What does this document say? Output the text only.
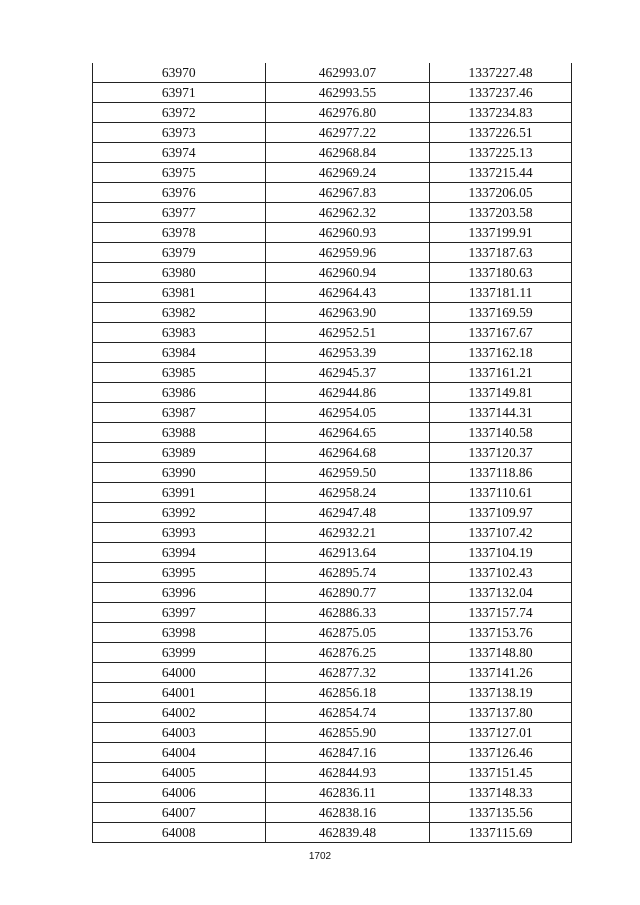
63970	462993.07	1337227.48
63971	462993.55	1337237.46
63972	462976.80	1337234.83
63973	462977.22	1337226.51
63974	462968.84	1337225.13
63975	462969.24	1337215.44
63976	462967.83	1337206.05
63977	462962.32	1337203.58
63978	462960.93	1337199.91
63979	462959.96	1337187.63
63980	462960.94	1337180.63
63981	462964.43	1337181.11
63982	462963.90	1337169.59
63983	462952.51	1337167.67
63984	462953.39	1337162.18
63985	462945.37	1337161.21
63986	462944.86	1337149.81
63987	462954.05	1337144.31
63988	462964.65	1337140.58
63989	462964.68	1337120.37
63990	462959.50	1337118.86
63991	462958.24	1337110.61
63992	462947.48	1337109.97
63993	462932.21	1337107.42
63994	462913.64	1337104.19
63995	462895.74	1337102.43
63996	462890.77	1337132.04
63997	462886.33	1337157.74
63998	462875.05	1337153.76
63999	462876.25	1337148.80
64000	462877.32	1337141.26
64001	462856.18	1337138.19
64002	462854.74	1337137.80
64003	462855.90	1337127.01
64004	462847.16	1337126.46
64005	462844.93	1337151.45
64006	462836.11	1337148.33
64007	462838.16	1337135.56
64008	462839.48	1337115.69
1702
